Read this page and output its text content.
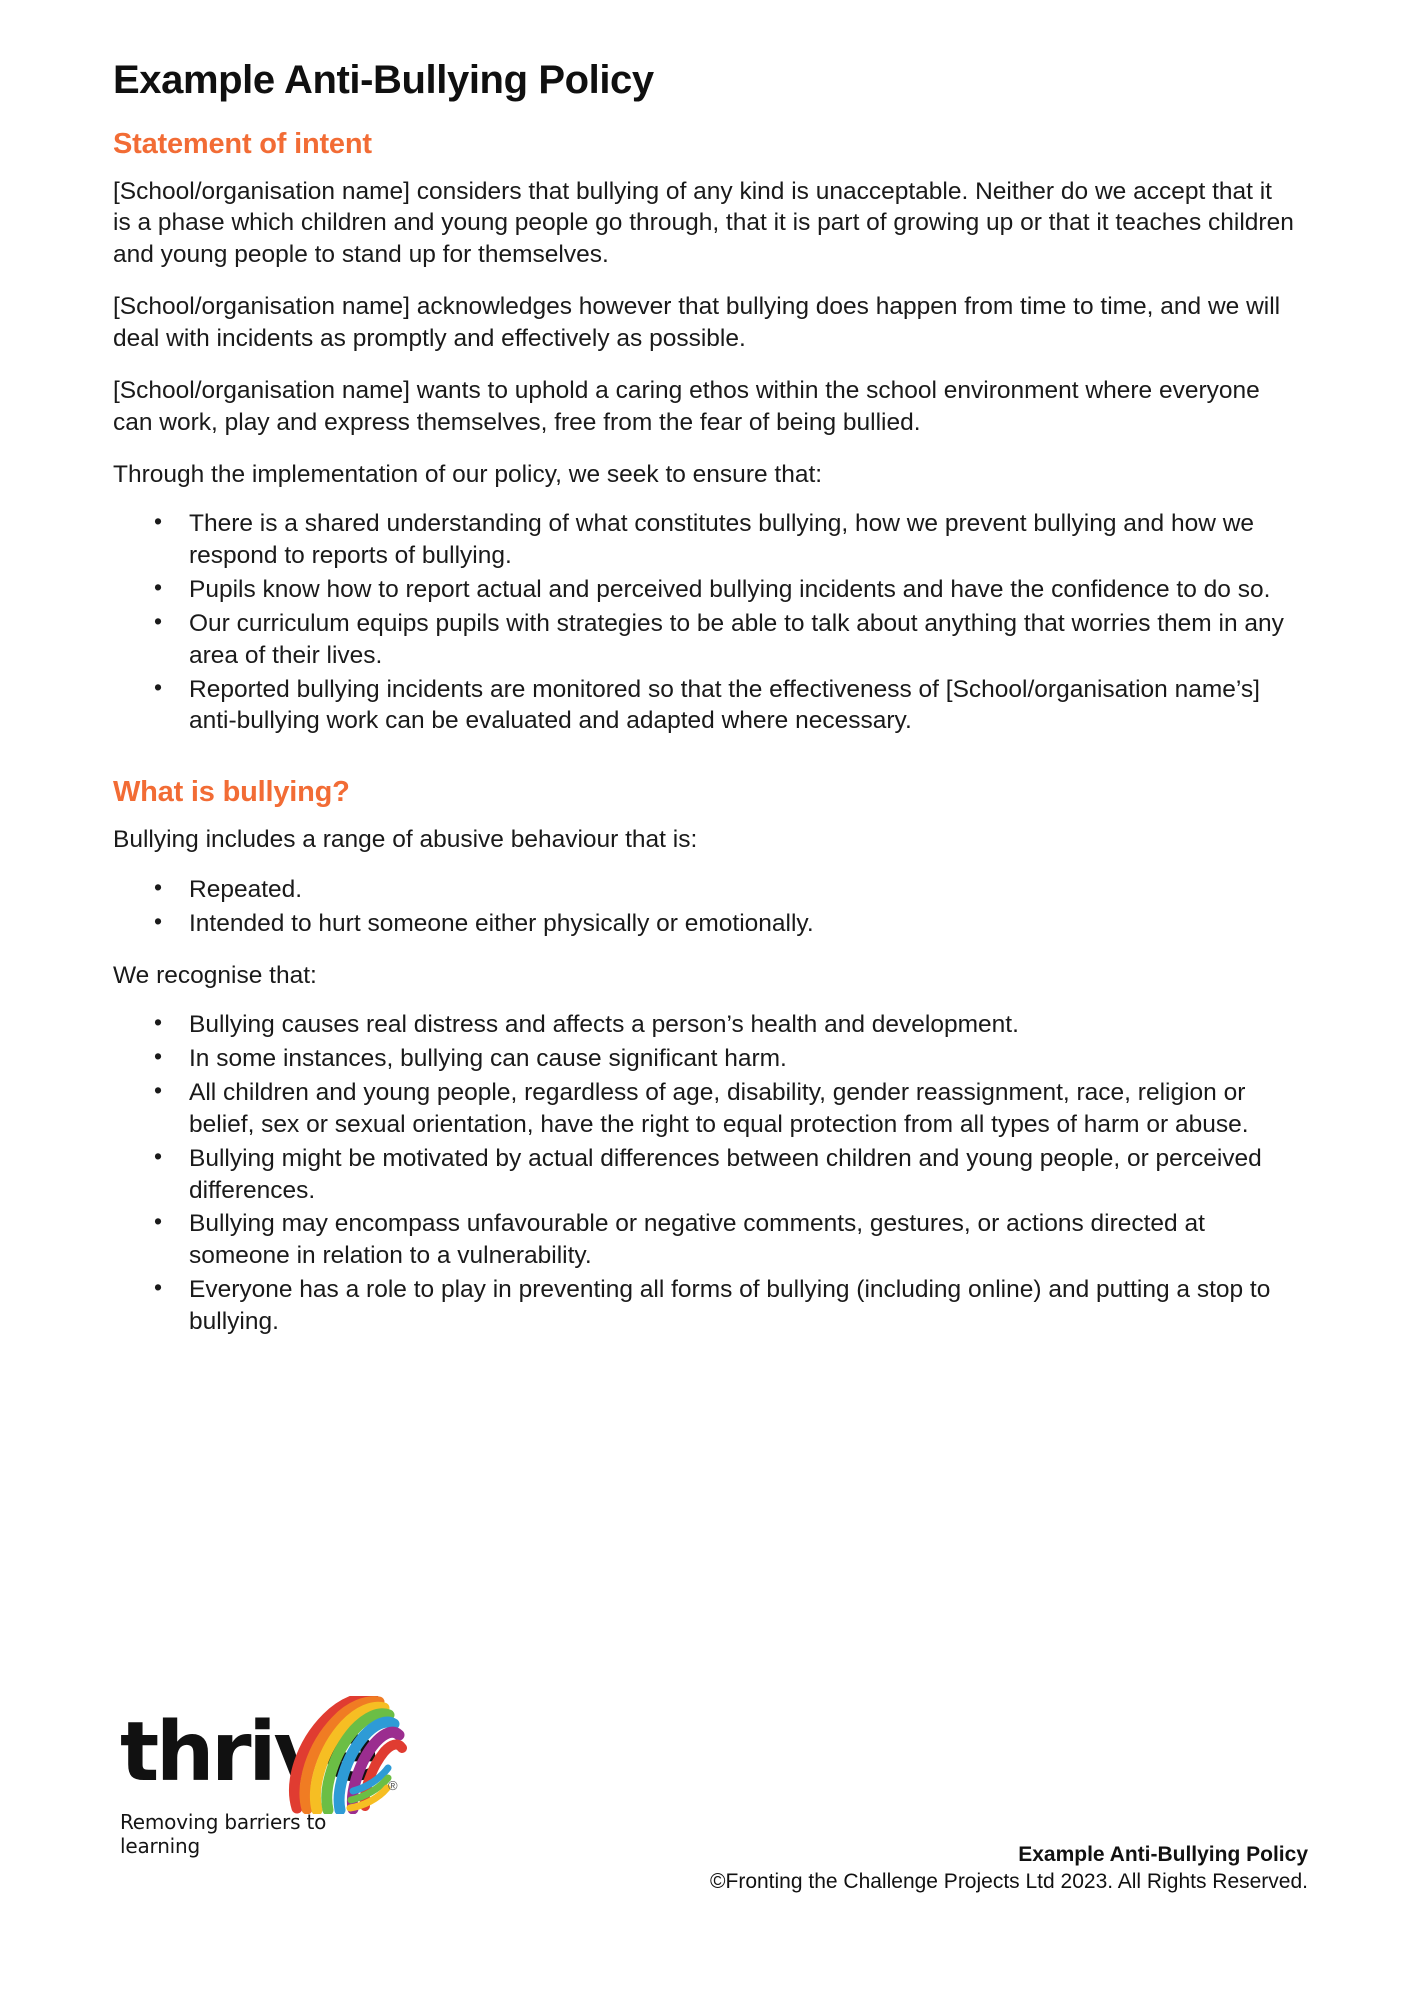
Example Anti-Bullying Policy
Statement of intent

[School/organisation name] considers that bullying of any kind is unacceptable. Neither do we accept that it is a phase which children and young people go through, that it is part of growing up or that it teaches children and young people to stand up for themselves.

[School/organisation name] acknowledges however that bullying does happen from time to time, and we will deal with incidents as promptly and effectively as possible.

[School/organisation name] wants to uphold a caring ethos within the school environment where everyone can work, play and express themselves, free from the fear of being bullied.

Through the implementation of our policy, we seek to ensure that:

• There is a shared understanding of what constitutes bullying, how we prevent bullying and how we respond to reports of bullying.
• Pupils know how to report actual and perceived bullying incidents and have the confidence to do so.
• Our curriculum equips pupils with strategies to be able to talk about anything that worries them in any area of their lives.
• Reported bullying incidents are monitored so that the effectiveness of [School/organisation name’s] anti-bullying work can be evaluated and adapted where necessary.
What is bullying?

Bullying includes a range of abusive behaviour that is:

• Repeated.
• Intended to hurt someone either physically or emotionally.

We recognise that:

• Bullying causes real distress and affects a person’s health and development.
• In some instances, bullying can cause significant harm.
• All children and young people, regardless of age, disability, gender reassignment, race, religion or belief, sex or sexual orientation, have the right to equal protection from all types of harm or abuse.
• Bullying might be motivated by actual differences between children and young people, or perceived differences.
• Bullying may encompass unfavourable or negative comments, gestures, or actions directed at someone in relation to a vulnerability.
• Everyone has a role to play in preventing all forms of bullying (including online) and putting a stop to bullying.
thrive ®
Removing barriers to learning	Example Anti-Bullying Policy
©Fronting the Challenge Projects Ltd 2023. All Rights Reserved.
